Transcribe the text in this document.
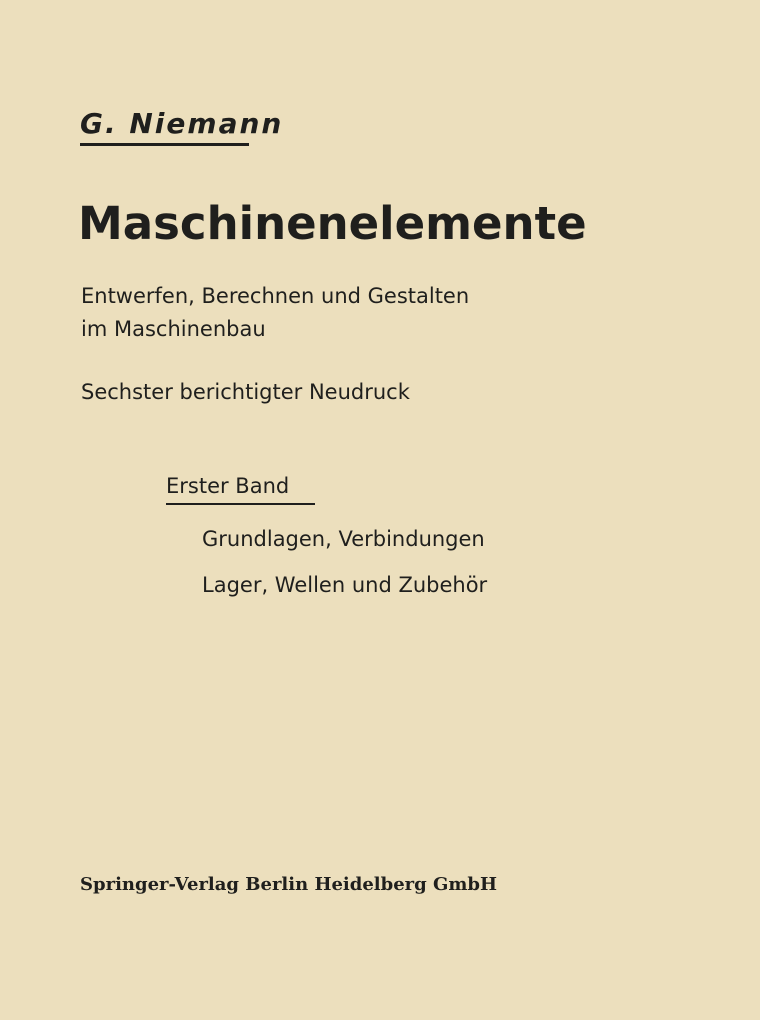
G. Niemann
Maschinenelemente
Entwerfen, Berechnen und Gestalten
im Maschinenbau
Sechster berichtigter Neudruck
Erster Band
Grundlagen, Verbindungen
Lager, Wellen und Zubehör
Springer-Verlag Berlin Heidelberg GmbH
